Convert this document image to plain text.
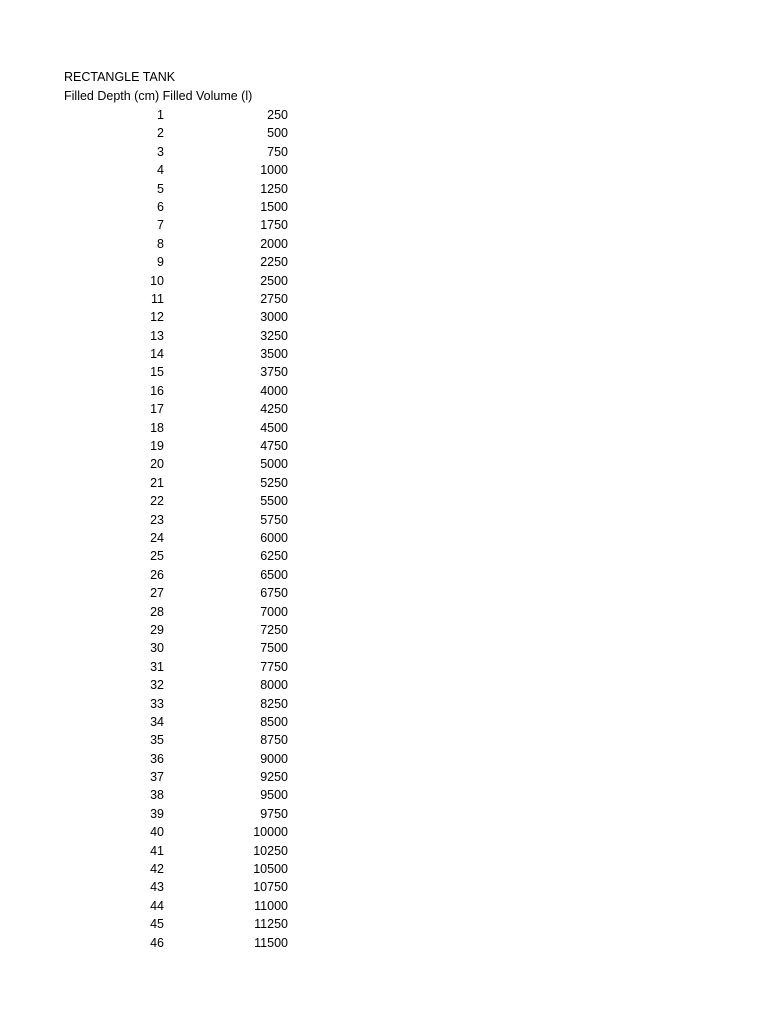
RECTANGLE TANK
Filled Depth (cm) Filled Volume (l)
1	250
2	500
3	750
4	1000
5	1250
6	1500
7	1750
8	2000
9	2250
10	2500
11	2750
12	3000
13	3250
14	3500
15	3750
16	4000
17	4250
18	4500
19	4750
20	5000
21	5250
22	5500
23	5750
24	6000
25	6250
26	6500
27	6750
28	7000
29	7250
30	7500
31	7750
32	8000
33	8250
34	8500
35	8750
36	9000
37	9250
38	9500
39	9750
40	10000
41	10250
42	10500
43	10750
44	11000
45	11250
46	11500
